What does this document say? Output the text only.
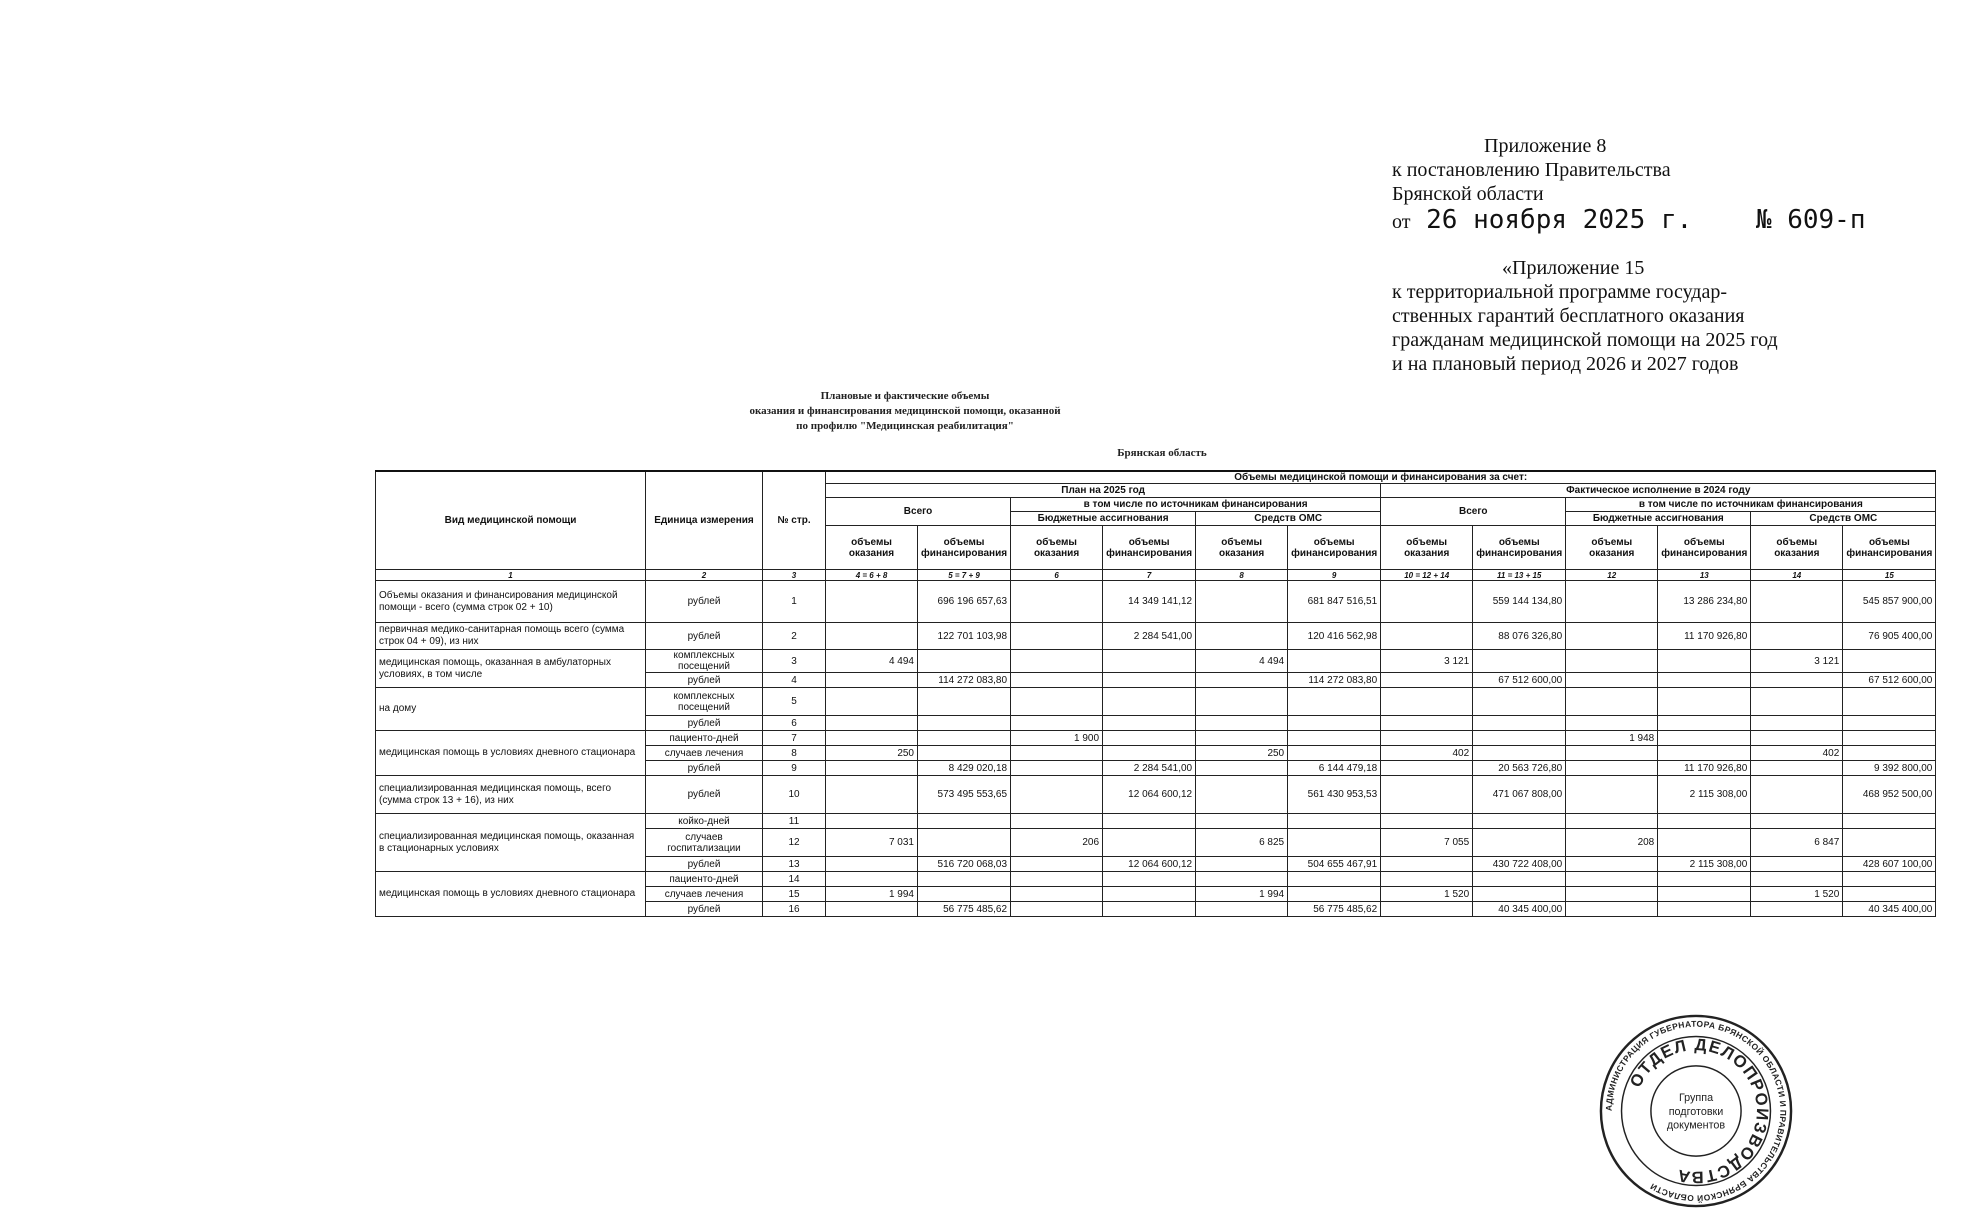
Приложение 8
к постановлению Правительства
Брянской области
от 26 ноября 2025 г. № 609-п
«Приложение 15
к территориальной программе государ-
ственных гарантий бесплатного оказания
гражданам медицинской помощи на 2025 год
и на плановый период 2026 и 2027 годов
Плановые и фактические объемы
оказания и финансирования медицинской помощи, оказанной
по профилю "Медицинская реабилитация"
Брянская область
Вид медицинской помощи	Единица измерения	№ стр.	Объемы медицинской помощи и финансирования за счет:											
			План на 2025 год						Фактическое исполнение в 2024 году					
			Всего		в том числе по источникам финансирования				Всего		в том числе по источникам финансирования			
					Бюджетные ассигнования		Средств ОМС				Бюджетные ассигнования		Средств ОМС	
			объемы оказания	объемы финансирования	объемы оказания	объемы финансирования	объемы оказания	объемы финансирования	объемы оказания	объемы финансирования	объемы оказания	объемы финансирования	объемы оказания	объемы финансирования
1	2	3	4 = 6 + 8	5 = 7 + 9	6	7	8	9	10 = 12 + 14	11 = 13 + 15	12	13	14	15
Объемы оказания и финансирования медицинской помощи - всего (сумма строк 02 + 10)	рублей	1		696 196 657,63		14 349 141,12		681 847 516,51		559 144 134,80		13 286 234,80		545 857 900,00
первичная медико-санитарная помощь всего (сумма строк 04 + 09), из них	рублей	2		122 701 103,98		2 284 541,00		120 416 562,98		88 076 326,80		11 170 926,80		76 905 400,00
медицинская помощь, оказанная в амбулаторных условиях, в том числе	комплексных посещений	3	4 494				4 494		3 121				3 121	
	рублей	4		114 272 083,80				114 272 083,80		67 512 600,00				67 512 600,00
на дому	комплексных посещений	5												
	рублей	6												
медицинская помощь в условиях дневного стационара	пациенто-дней	7			1 900						1 948			
	случаев лечения	8	250				250		402				402	
	рублей	9		8 429 020,18		2 284 541,00		6 144 479,18		20 563 726,80		11 170 926,80		9 392 800,00
специализированная медицинская помощь, всего (сумма строк 13 + 16), из них	рублей	10		573 495 553,65		12 064 600,12		561 430 953,53		471 067 808,00		2 115 308,00		468 952 500,00
специализированная медицинская помощь, оказанная в стационарных условиях	койко-дней	11												
	случаев госпитализации	12	7 031		206		6 825		7 055		208		6 847	
	рублей	13		516 720 068,03		12 064 600,12		504 655 467,91		430 722 408,00		2 115 308,00		428 607 100,00
медицинская помощь в условиях дневного стационара	пациенто-дней	14												
	случаев лечения	15	1 994				1 994		1 520				1 520	
	рублей	16		56 775 485,62				56 775 485,62		40 345 400,00				40 345 400,00
АДМИНИСТРАЦИЯ ГУБЕРНАТОРА БРЯНСКОЙ ОБЛАСТИ И ПРАВИТЕЛЬСТВА БРЯНСКОЙ ОБЛАСТИ
ОТДЕЛ ДЕЛОПРОИЗВОДСТВА
Группа
подготовки
документов
